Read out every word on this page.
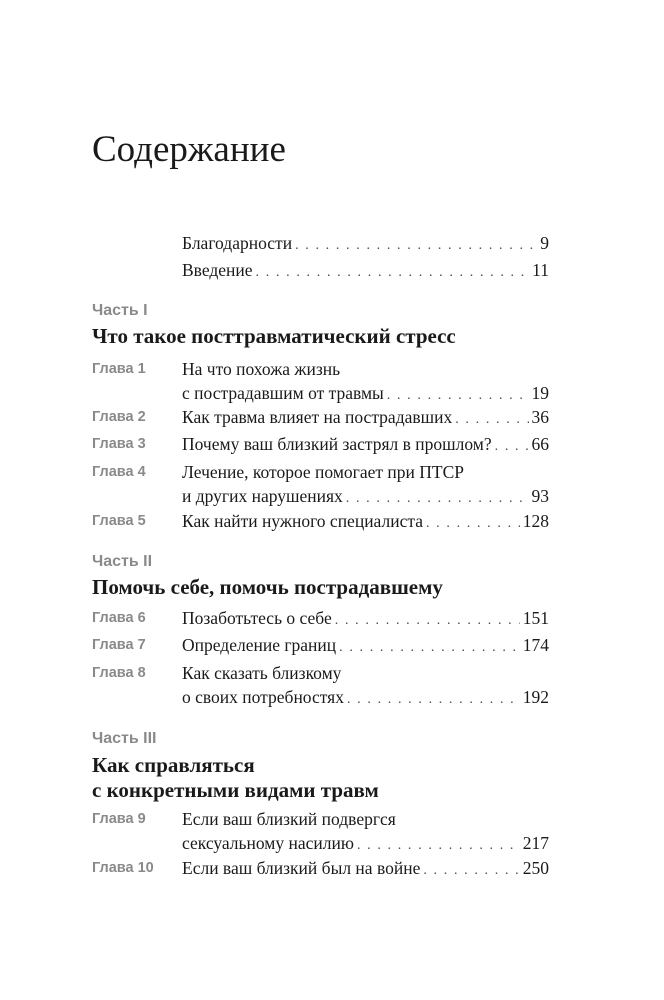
Содержание
Благодарности . . .	9
Введение . . .	11
Часть I
Что такое посттравматический стресс
Глава 1 На что похожа жизнь
с пострадавшим от травмы . . .	19
Глава 2 Как травма влияет на пострадавших . . .	36
Глава 3 Почему ваш близкий застрял в прошлом? . . . 66
Глава 4 Лечение, которое помогает при ПТСР
и других нарушениях . . .	93
Глава 5 Как найти нужного специалиста . . .	128
Часть II
Помочь себе, помочь пострадавшему
Глава 6 Позаботьтесь о себе . . .	151
Глава 7 Определение границ . . .	174
Глава 8 Как сказать близкому
о своих потребностях . . .	192
Часть III
Как справляться
с конкретными видами травм
Глава 9 Если ваш близкий подвергся
сексуальному насилию . . .	217
Глава 10 Если ваш близкий был на войне . . .	250
